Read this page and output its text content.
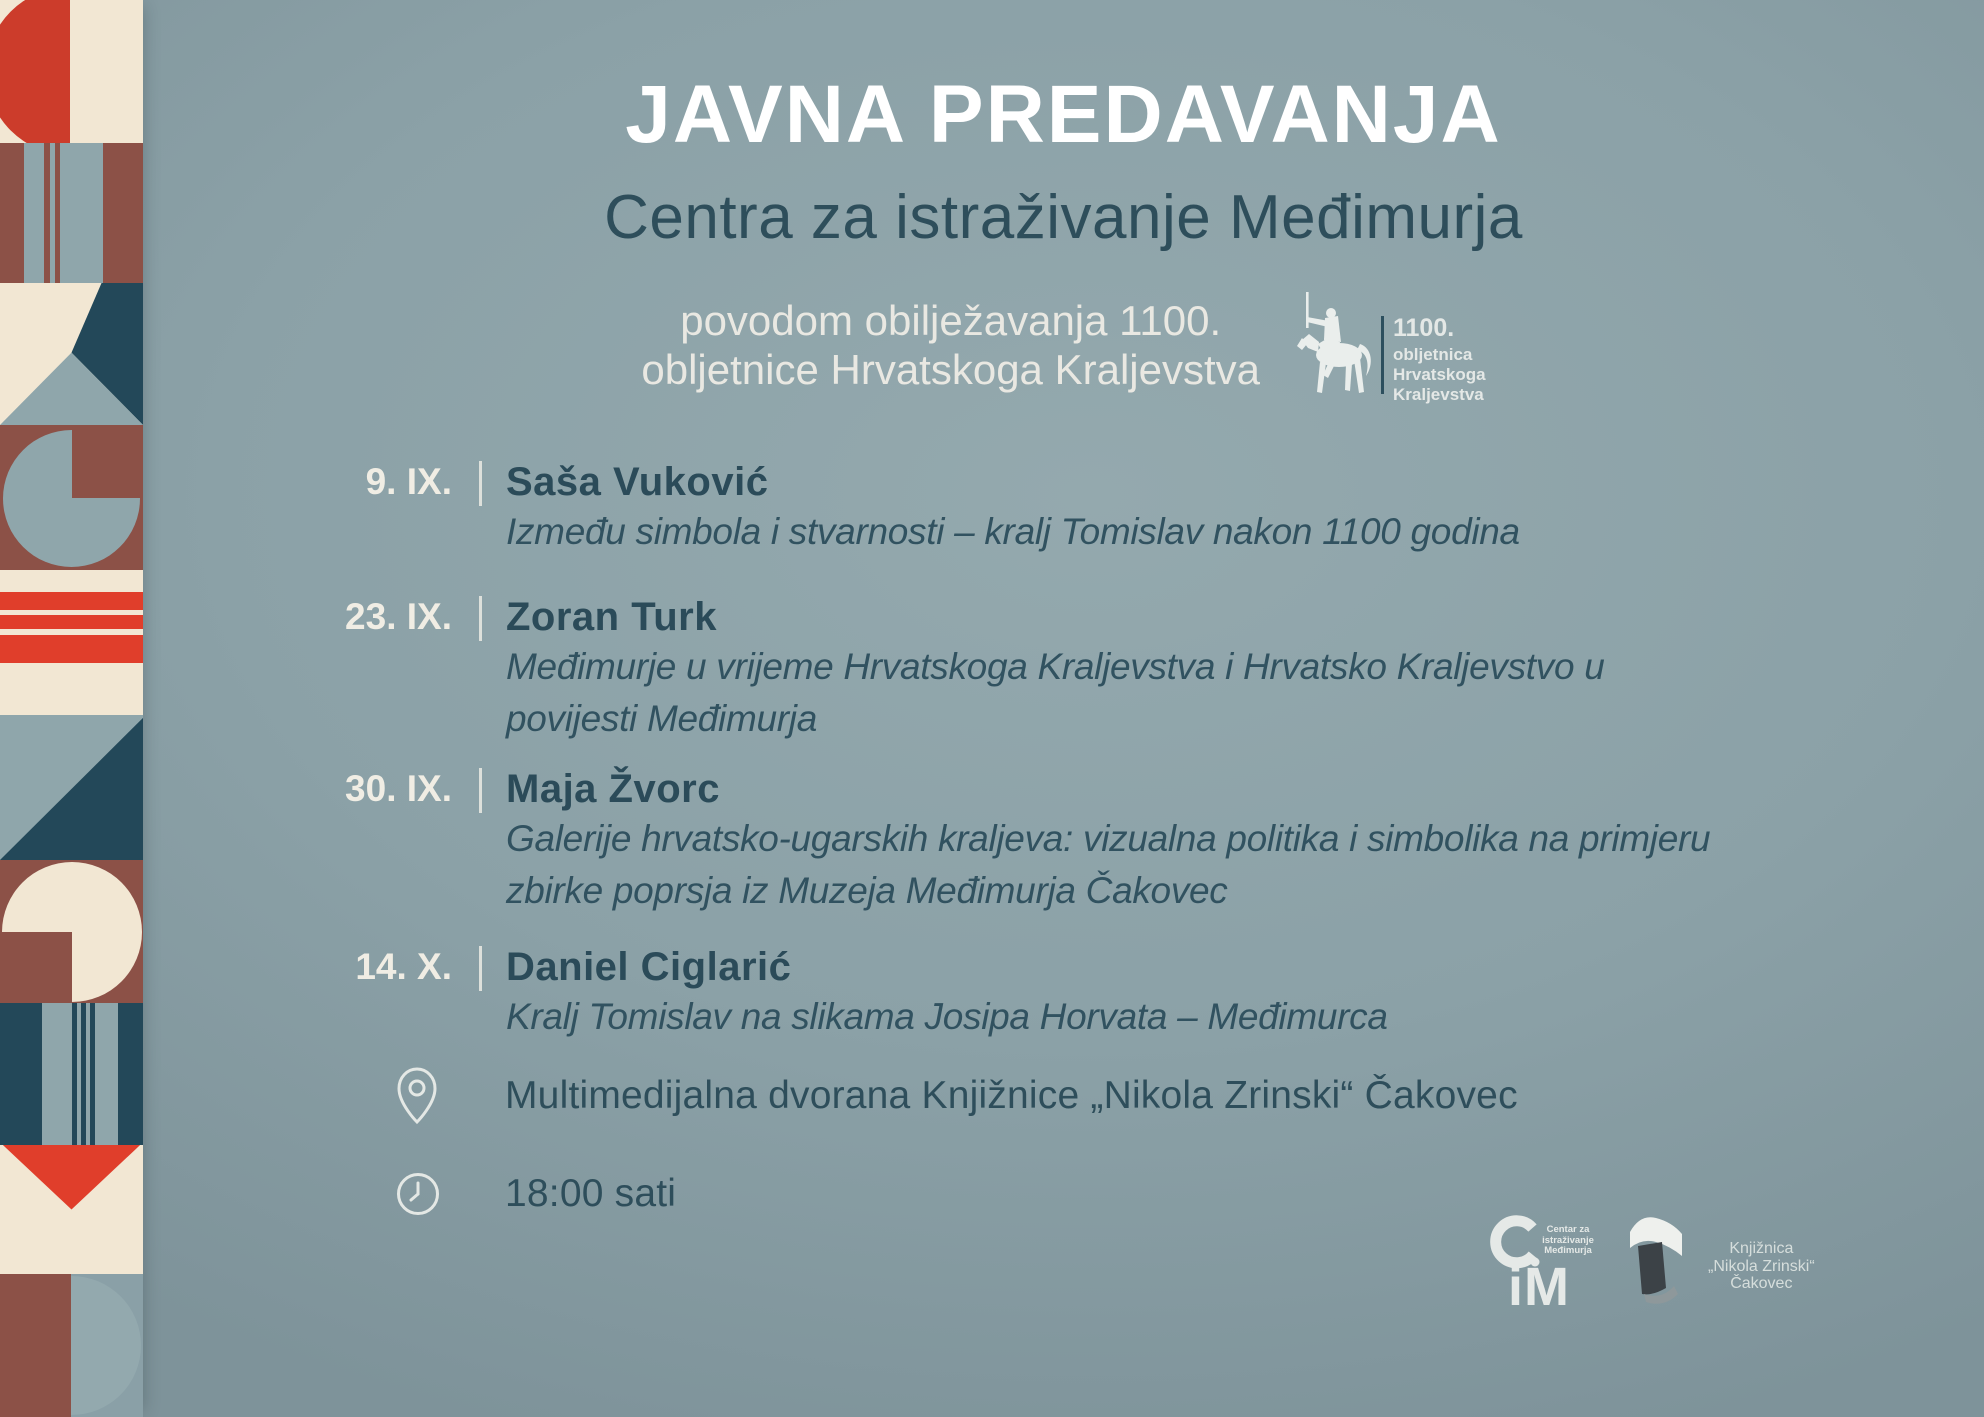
JAVNA PREDAVANJA
Centra za istraživanje Međimurja
povodom obilježavanja 1100.
obljetnice Hrvatskoga Kraljevstva
1100.
obljetnica
Hrvatskoga
Kraljevstva
9. IX. Saša Vuković
Između simbola i stvarnosti – kralj Tomislav nakon 1100 godina
23. IX. Zoran Turk
Međimurje u vrijeme Hrvatskoga Kraljevstva i Hrvatsko Kraljevstvo u
povijesti Međimurja
30. IX. Maja Žvorc
Galerije hrvatsko-ugarskih kraljeva: vizualna politika i simbolika na primjeru
zbirke poprsja iz Muzeja Međimurja Čakovec
14. X. Daniel Ciglarić
Kralj Tomislav na slikama Josipa Horvata – Međimurca
Multimedijalna dvorana Knjižnice „Nikola Zrinski“ Čakovec
18:00 sati
Centar za
istraživanje
Međimurja
iM
Knjižnica
„Nikola Zrinski“
Čakovec
